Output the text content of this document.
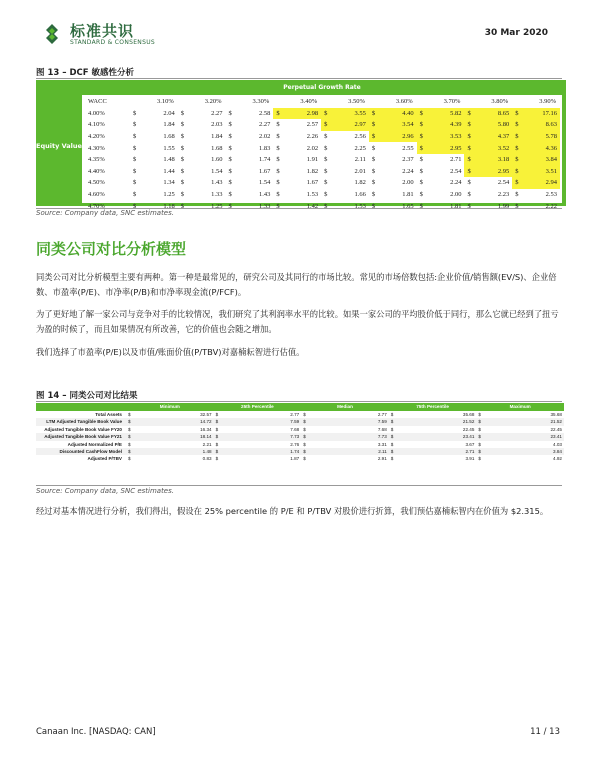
标准共识
STANDARD & CONSENSUS
30 Mar 2020
图 13 – DCF 敏感性分析
Perpetual Growth Rate
Equity Value
WACC	3.10%	3.20%	3.30%	3.40%	3.50%	3.60%	3.70%	3.80%	3.90%
4.00%	$	2.04 $	2.27 $	2.58 $	2.98 $	3.55 $	4.40 $	5.82 $	8.65 $	17.16
4.10%	$	1.84 $	2.03 $	2.27 $	2.57 $	2.97 $	3.54 $	4.39 $	5.80 $	8.63
4.20%	$	1.68 $	1.84 $	2.02 $	2.26 $	2.56 $	2.96 $	3.53 $	4.37 $	5.78
4.30%	$	1.55 $	1.68 $	1.83 $	2.02 $	2.25 $	2.55 $	2.95 $	3.52 $	4.36
4.35%	$	1.48 $	1.60 $	1.74 $	1.91 $	2.11 $	2.37 $	2.71 $	3.18 $	3.84
4.40%	$	1.44 $	1.54 $	1.67 $	1.82 $	2.01 $	2.24 $	2.54 $	2.95 $	3.51
4.50%	$	1.34 $	1.43 $	1.54 $	1.67 $	1.82 $	2.00 $	2.24 $	2.54 $	2.94
4.60%	$	1.25 $	1.33 $	1.43 $	1.53 $	1.66 $	1.81 $	2.00 $	2.23 $	2.53
4.70%	$	1.18 $	1.25 $	1.33 $	1.42 $	1.53 $	1.65 $	1.81 $	1.99 $	2.22
Source: Company data, SNC estimates.
同类公司对比分析模型
同类公司对比分析模型主要有两种。第一种是最常见的，研究公司及其同行的市场比较。常见的市场倍数包括:企业价值/销售额(EV/S)、企业倍数、市盈率(P/E)、市净率(P/B)和市净率现金流(P/FCF)。
为了更好地了解一家公司与竞争对手的比较情况，我们研究了其利润率水平的比较。如果一家公司的平均股价低于同行，那么它就已经到了扭亏为盈的时候了，而且如果情况有所改善，它的价值也会随之增加。
我们选择了市盈率(P/E)以及市值/账面价值(P/TBV)对嘉楠耘智进行估值。
图 14 – 同类公司对比结果
Minimum	25th Percentile	Median	75th Percentile	Maximum
Total Assets	$	32.57 $	2.77 $	2.77 $	35.68 $	35.68
LTM Adjusted Tangible Book Value	$	14.72 $	7.59 $	7.59 $	21.52 $	21.52
Adjusted Tangible Book Value FY20	$	16.34 $	7.68 $	7.68 $	22.45 $	22.45
Adjusted Tangible Book Value FY21	$	18.14 $	7.73 $	7.73 $	23.41 $	23.41
Adjusted Normalized P/E	$	2.21 $	2.76 $	3.31 $	3.67 $	4.03
Discounted CashFlow Model	$	1.48 $	1.74 $	2.11 $	2.71 $	3.84
Adjusted P/TBV	$	0.83 $	1.87 $	2.91 $	3.91 $	4.92
Source: Company data, SNC estimates.
经过对基本情况进行分析，我们得出，假设在 25% percentile 的 P/E 和 P/TBV 对股价进行折算，我们预估嘉楠耘智内在价值为 $2.315。
Canaan Inc. [NASDAQ: CAN]	11 / 13
